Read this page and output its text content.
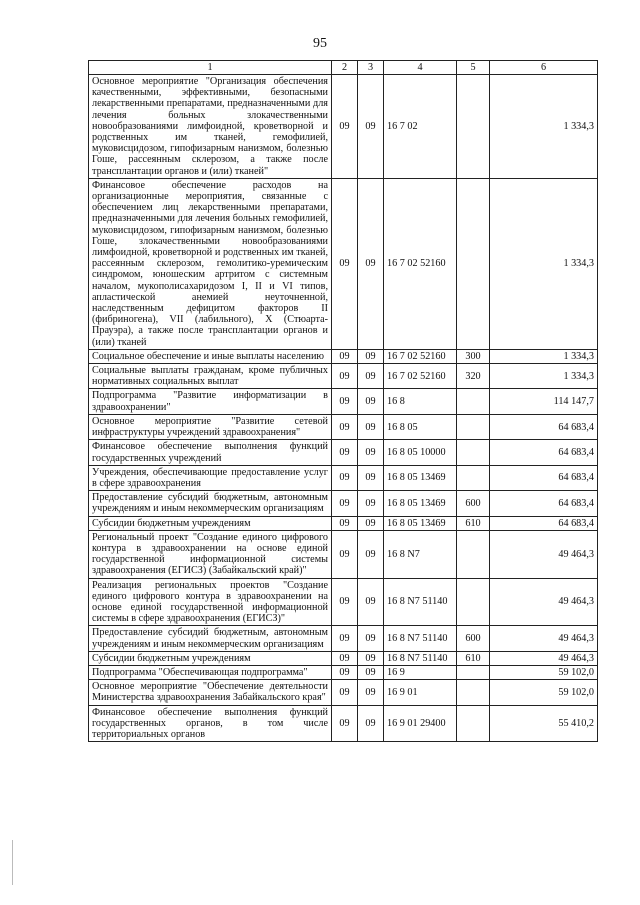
95
1	2	3	4	5	6
Основное мероприятие "Организация обеспечения качественными, эффективными, безопасными лекарственными препаратами, предназначенными для лечения больных злокачественными новообразованиями лимфоидной, кроветворной и родственных им тканей, гемофилией, муковисцидозом, гипофизарным нанизмом, болезнью Гоше, рассеянным склерозом, а также после трансплантации органов и (или) тканей"	09	09	16 7 02		1 334,3
Финансовое обеспечение расходов на организационные мероприятия, связанные с обеспечением лиц лекарственными препаратами, предназначенными для лечения больных гемофилией, муковисцидозом, гипофизарным нанизмом, болезнью Гоше, злокачественными новообразованиями лимфоидной, кроветворной и родственных им тканей, рассеянным склерозом, гемолитико-уремическим синдромом, юношеским артритом с системным началом, мукополисахаридозом I, II и VI типов, апластической анемией неуточненной, наследственным дефицитом факторов II (фибриногена), VII (лабильного), X (Стюарта-Прауэра), а также после трансплантации органов и (или) тканей	09	09	16 7 02 52160		1 334,3
Социальное обеспечение и иные выплаты населению	09	09	16 7 02 52160	300	1 334,3
Социальные выплаты гражданам, кроме публичных нормативных социальных выплат	09	09	16 7 02 52160	320	1 334,3
Подпрограмма "Развитие информатизации в здравоохранении"	09	09	16 8		114 147,7
Основное мероприятие "Развитие сетевой инфраструктуры учреждений здравоохранения"	09	09	16 8 05		64 683,4
Финансовое обеспечение выполнения функций государственных учреждений	09	09	16 8 05 10000		64 683,4
Учреждения, обеспечивающие предоставление услуг в сфере здравоохранения	09	09	16 8 05 13469		64 683,4
Предоставление субсидий бюджетным, автономным учреждениям и иным некоммерческим организациям	09	09	16 8 05 13469	600	64 683,4
Субсидии бюджетным учреждениям	09	09	16 8 05 13469	610	64 683,4
Региональный проект "Создание единого цифрового контура в здравоохранении на основе единой государственной информационной системы здравоохранения (ЕГИСЗ) (Забайкальский край)"	09	09	16 8 N7		49 464,3
Реализация региональных проектов "Создание единого цифрового контура в здравоохранении на основе единой государственной информационной системы в сфере здравоохранения (ЕГИСЗ)"	09	09	16 8 N7 51140		49 464,3
Предоставление субсидий бюджетным, автономным учреждениям и иным некоммерческим организациям	09	09	16 8 N7 51140	600	49 464,3
Субсидии бюджетным учреждениям	09	09	16 8 N7 51140	610	49 464,3
Подпрограмма "Обеспечивающая подпрограмма"	09	09	16 9		59 102,0
Основное мероприятие "Обеспечение деятельности Министерства здравоохранения Забайкальского края"	09	09	16 9 01		59 102,0
Финансовое обеспечение выполнения функций государственных органов, в том числе территориальных органов	09	09	16 9 01 29400		55 410,2
